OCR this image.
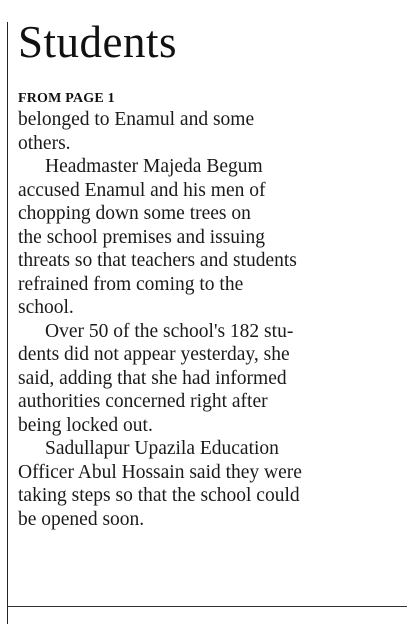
Students
FROM PAGE 1
belonged to Enamul and some
others.
Headmaster Majeda Begum
accused Enamul and his men of
chopping down some trees on
the school premises and issuing
threats so that teachers and students
refrained from coming to the
school.
Over 50 of the school's 182 stu-
dents did not appear yesterday, she
said, adding that she had informed
authorities concerned right after
being locked out.
Sadullapur Upazila Education
Officer Abul Hossain said they were
taking steps so that the school could
be opened soon.
